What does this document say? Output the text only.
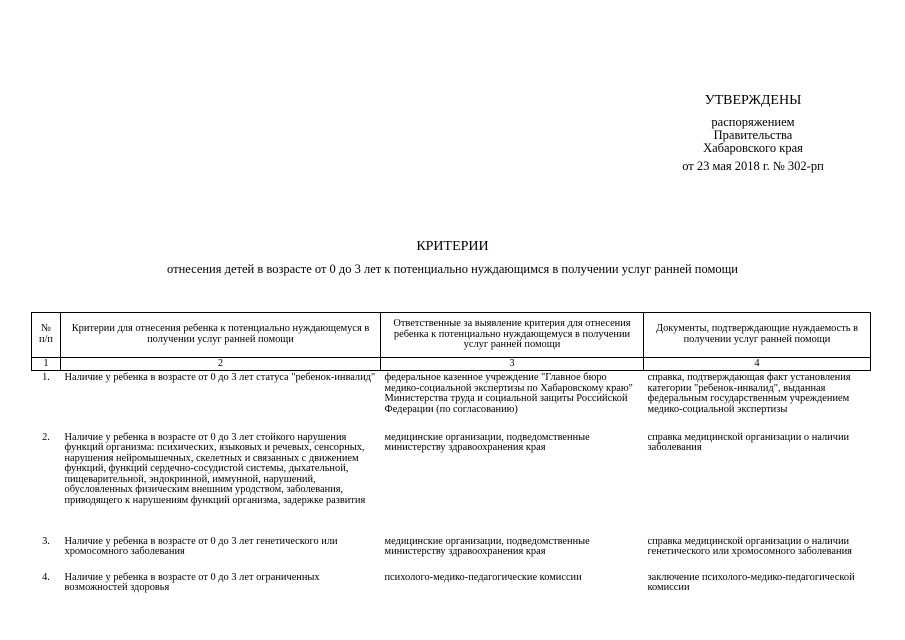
УТВЕРЖДЕНЫ
распоряжением
Правительства
Хабаровского края
от 23 мая 2018 г. № 302-рп
КРИТЕРИИ
отнесения детей в возрасте от 0 до 3 лет к потенциально нуждающимся в получении услуг ранней помощи
№ п/п	Критерии для отнесения ребенка к потенциально нуждающемуся в получении услуг ранней помощи	Ответственные за выявление критерия для отнесения ребенка к потенциально нуждающемуся в получении услуг ранней помощи	Документы, подтверждающие нуждаемость в получении услуг ранней помощи
1	2	3	4
1.	Наличие у ребенка в возрасте от 0 до 3 лет статуса "ребенок-инвалид"	федеральное казенное учреждение "Главное бюро медико-социальной экспертизы по Хабаровскому краю" Министерства труда и социальной защиты Российской Федерации (по согласованию)	справка, подтверждающая факт установления категории "ребенок-инвалид", выданная федеральным государственным учреждением медико-социальной экспертизы
2.	Наличие у ребенка в возрасте от 0 до 3 лет стойкого нарушения функций организма: психических, языковых и речевых, сенсорных, нарушения нейромышечных, скелетных и связанных с движением функций, функций сердечно-сосудистой системы, дыхательной, пищеварительной, эндокринной, иммунной, нарушений, обусловленных физическим внешним уродством, заболевания, приводящего к нарушениям функций организма, задержке развития	медицинские организации, подведомственные министерству здравоохранения края	справка медицинской организации о наличии заболевания
3.	Наличие у ребенка в возрасте от 0 до 3 лет генетического или хромосомного заболевания	медицинские организации, подведомственные министерству здравоохранения края	справка медицинской организации о наличии генетического или хромосомного заболевания
4.	Наличие у ребенка в возрасте от 0 до 3 лет ограниченных возможностей здоровья	психолого-медико-педагогические комиссии	заключение психолого-медико-педагогической комиссии
